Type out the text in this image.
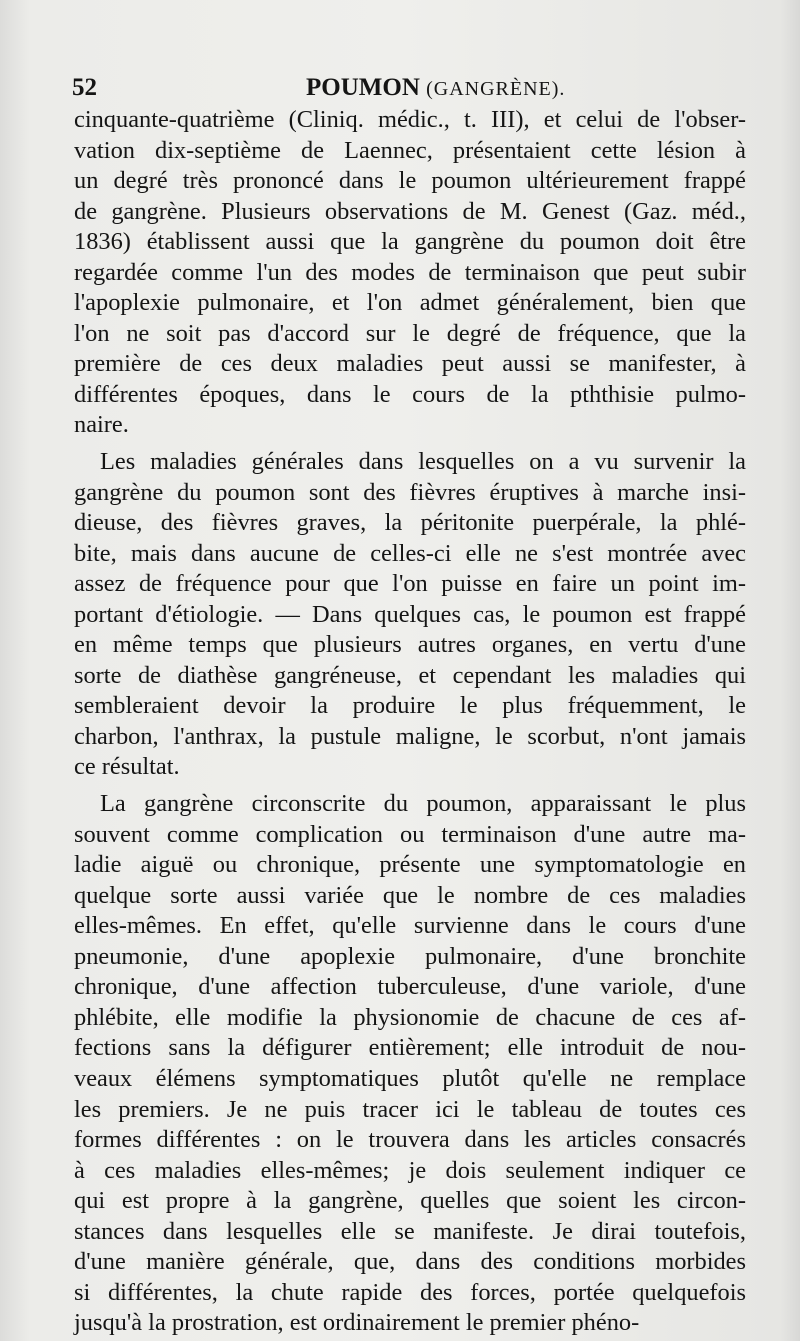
52	POUMON (GANGRÈNE).
cinquante-quatrième (Cliniq. médic., t. III), et celui de l'obser-
vation dix-septième de Laennec, présentaient cette lésion à
un degré très prononcé dans le poumon ultérieurement frappé
de gangrène. Plusieurs observations de M. Genest (Gaz. méd.,
1836) établissent aussi que la gangrène du poumon doit être
regardée comme l'un des modes de terminaison que peut subir
l'apoplexie pulmonaire, et l'on admet généralement, bien que
l'on ne soit pas d'accord sur le degré de fréquence, que la
première de ces deux maladies peut aussi se manifester, à
différentes époques, dans le cours de la pththisie pulmo-
naire.
Les maladies générales dans lesquelles on a vu survenir la
gangrène du poumon sont des fièvres éruptives à marche insi-
dieuse, des fièvres graves, la péritonite puerpérale, la phlé-
bite, mais dans aucune de celles-ci elle ne s'est montrée avec
assez de fréquence pour que l'on puisse en faire un point im-
portant d'étiologie. — Dans quelques cas, le poumon est frappé
en même temps que plusieurs autres organes, en vertu d'une
sorte de diathèse gangréneuse, et cependant les maladies qui
sembleraient devoir la produire le plus fréquemment, le
charbon, l'anthrax, la pustule maligne, le scorbut, n'ont jamais
ce résultat.
La gangrène circonscrite du poumon, apparaissant le plus
souvent comme complication ou terminaison d'une autre ma-
ladie aiguë ou chronique, présente une symptomatologie en
quelque sorte aussi variée que le nombre de ces maladies
elles-mêmes. En effet, qu'elle survienne dans le cours d'une
pneumonie, d'une apoplexie pulmonaire, d'une bronchite
chronique, d'une affection tuberculeuse, d'une variole, d'une
phlébite, elle modifie la physionomie de chacune de ces af-
fections sans la défigurer entièrement; elle introduit de nou-
veaux élémens symptomatiques plutôt qu'elle ne remplace
les premiers. Je ne puis tracer ici le tableau de toutes ces
formes différentes : on le trouvera dans les articles consacrés
à ces maladies elles-mêmes; je dois seulement indiquer ce
qui est propre à la gangrène, quelles que soient les circon-
stances dans lesquelles elle se manifeste. Je dirai toutefois,
d'une manière générale, que, dans des conditions morbides
si différentes, la chute rapide des forces, portée quelquefois
jusqu'à la prostration, est ordinairement le premier phéno-
